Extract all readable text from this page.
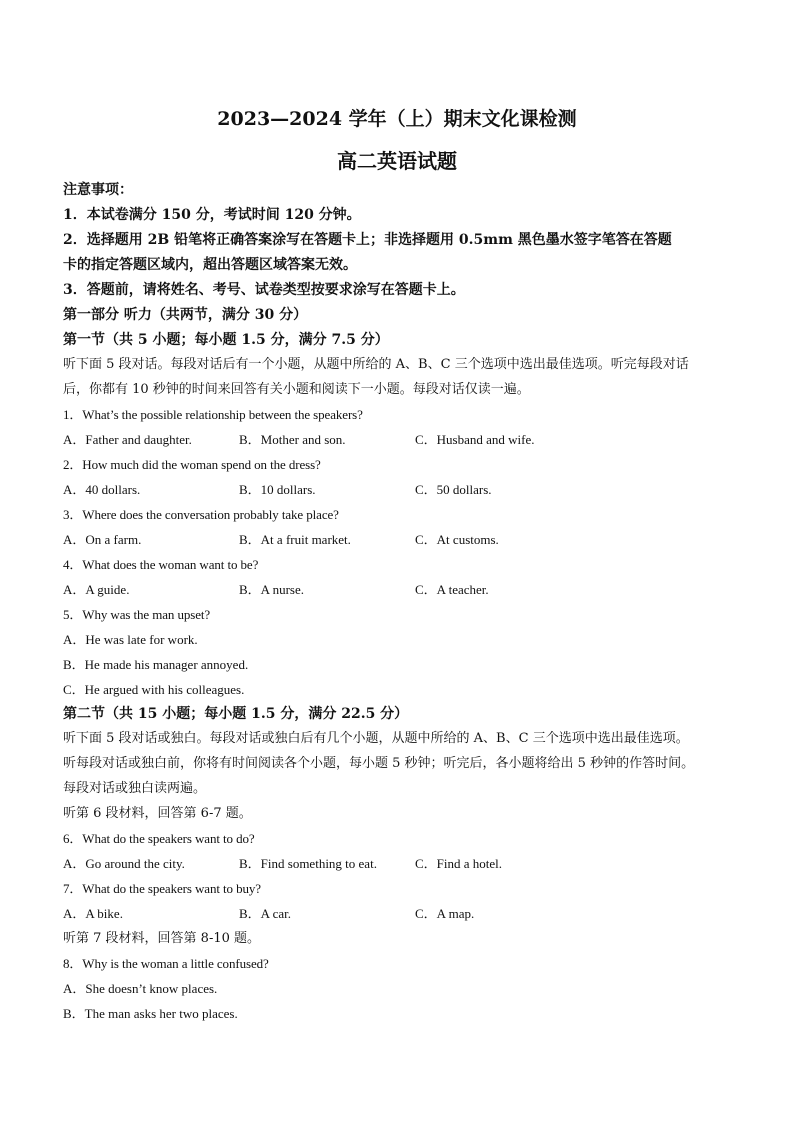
2023—2024 学年（上）期末文化课检测
高二英语试题
注意事项：
1．本试卷满分 150 分，考试时间 120 分钟。
2．选择题用 2B 铅笔将正确答案涂写在答题卡上；非选择题用 0.5mm 黑色墨水签字笔答在答题
卡的指定答题区域内，超出答题区域答案无效。
3．答题前，请将姓名、考号、试卷类型按要求涂写在答题卡上。
第一部分 听力（共两节，满分 30 分）
第一节（共 5 小题；每小题 1.5 分，满分 7.5 分）
听下面 5 段对话。每段对话后有一个小题，从题中所给的 A、B、C 三个选项中选出最佳选项。听完每段对话
后，你都有 10 秒钟的时间来回答有关小题和阅读下一小题。每段对话仅读一遍。
1．What’s the possible relationship between the speakers?
A．Father and daughter.	B．Mother and son.	C．Husband and wife.
2．How much did the woman spend on the dress?
A．40 dollars.	B．10 dollars.	C．50 dollars.
3．Where does the conversation probably take place?
A．On a farm.	B．At a fruit market.	C．At customs.
4．What does the woman want to be?
A．A guide.	B．A nurse.	C．A teacher.
5．Why was the man upset?
A．He was late for work.
B．He made his manager annoyed.
C．He argued with his colleagues.
第二节（共 15 小题；每小题 1.5 分，满分 22.5 分）
听下面 5 段对话或独白。每段对话或独白后有几个小题，从题中所给的 A、B、C 三个选项中选出最佳选项。
听每段对话或独白前，你将有时间阅读各个小题，每小题 5 秒钟；听完后，各小题将给出 5 秒钟的作答时间。
每段对话或独白读两遍。
听第 6 段材料，回答第 6-7 题。
6．What do the speakers want to do?
A．Go around the city.	B．Find something to eat.	C．Find a hotel.
7．What do the speakers want to buy?
A．A bike.	B．A car.	C．A map.
听第 7 段材料，回答第 8-10 题。
8．Why is the woman a little confused?
A．She doesn’t know places.
B．The man asks her two places.
